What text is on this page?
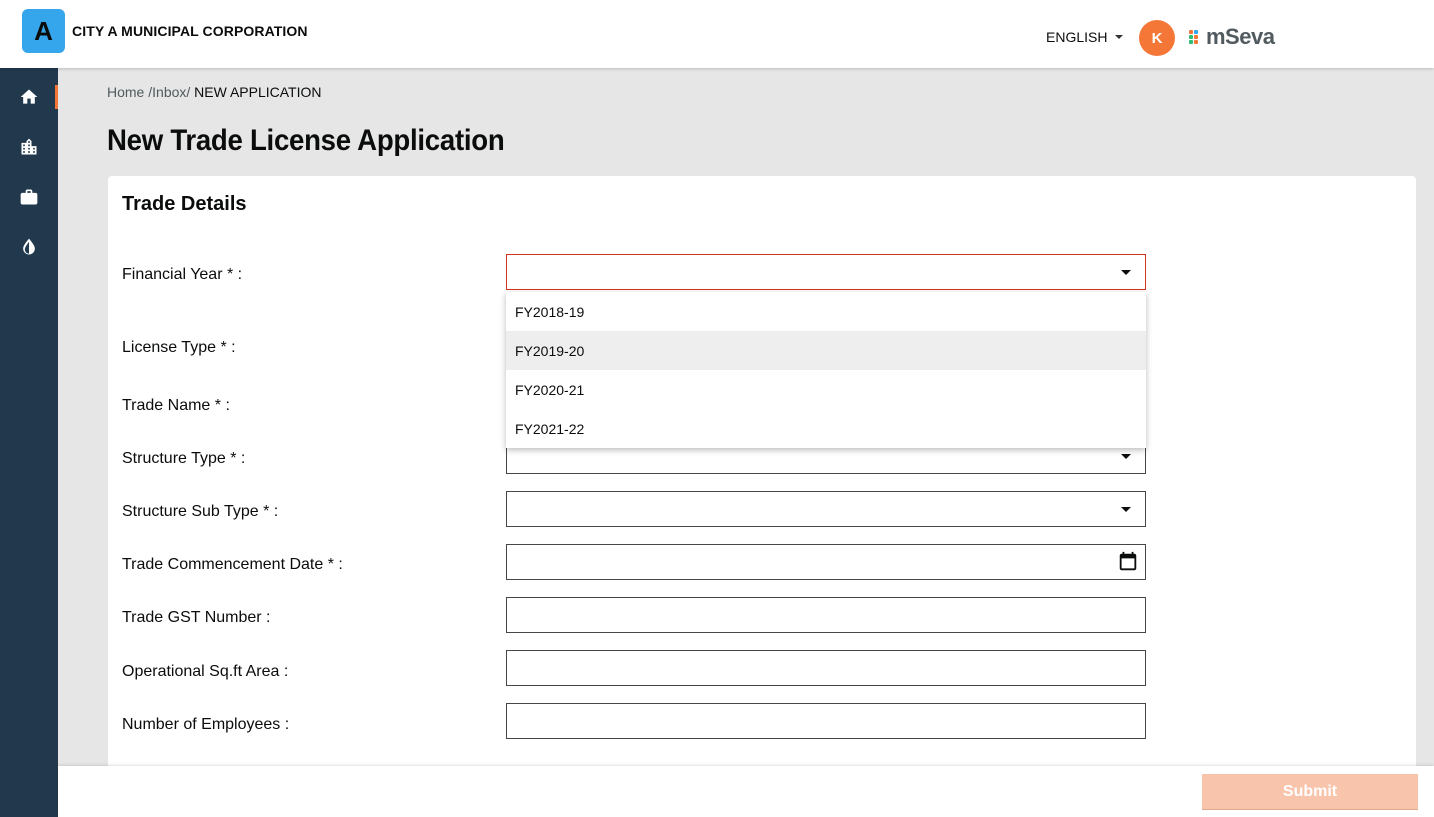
A CITY A MUNICIPAL CORPORATION	ENGLISH	K mSeva
Home /Inbox/ NEW APPLICATION
New Trade License Application
Trade Details
Financial Year * :
License Type * :
Trade Name * :
Structure Type * :
Structure Sub Type * :
Trade Commencement Date * :
Trade GST Number :
Operational Sq.ft Area :
Number of Employees :
FY2018-19
FY2019-20
FY2020-21
FY2021-22
Submit
